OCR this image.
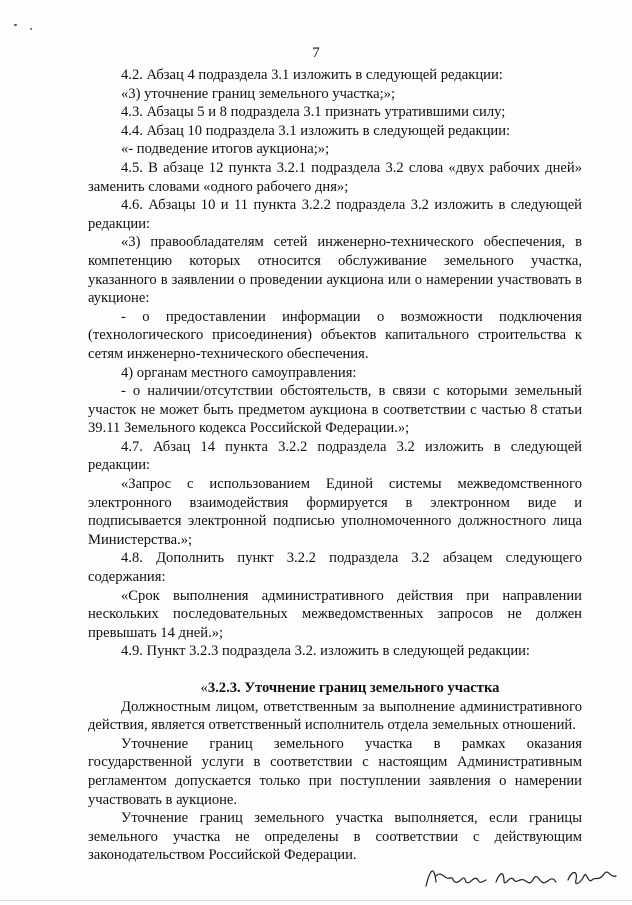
7

4.2. Абзац 4 подраздела 3.1 изложить в следующей редакции:

«3) уточнение границ земельного участка;»;

4.3. Абзацы 5 и 8 подраздела 3.1 признать утратившими силу;

4.4. Абзац 10 подраздела 3.1 изложить в следующей редакции:

«- подведение итогов аукциона;»;

4.5. В абзаце 12 пункта 3.2.1 подраздела 3.2 слова «двух рабочих дней» заменить словами «одного рабочего дня»;

4.6. Абзацы 10 и 11 пункта 3.2.2 подраздела 3.2 изложить в следующей редакции:

«3) правообладателям сетей инженерно-технического обеспечения, в компетенцию которых относится обслуживание земельного участка, указанного в заявлении о проведении аукциона или о намерении участвовать в аукционе:

- о предоставлении информации о возможности подключения (технологического присоединения) объектов капитального строительства к сетям инженерно-технического обеспечения.

4) органам местного самоуправления:

- о наличии/отсутствии обстоятельств, в связи с которыми земельный участок не может быть предметом аукциона в соответствии с частью 8 статьи 39.11 Земельного кодекса Российской Федерации.»;

4.7. Абзац 14 пункта 3.2.2 подраздела 3.2 изложить в следующей редакции:

«Запрос с использованием Единой системы межведомственного электронного взаимодействия формируется в электронном виде и подписывается электронной подписью уполномоченного должностного лица Министерства.»;

4.8. Дополнить пункт 3.2.2 подраздела 3.2 абзацем следующего содержания:

«Срок выполнения административного действия при направлении нескольких последовательных межведомственных запросов не должен превышать 14 дней.»;

4.9. Пункт 3.2.3 подраздела 3.2. изложить в следующей редакции:

«3.2.3. Уточнение границ земельного участка

Должностным лицом, ответственным за выполнение административного действия, является ответственный исполнитель отдела земельных отношений.

Уточнение границ земельного участка в рамках оказания государственной услуги в соответствии с настоящим Административным регламентом допускается только при поступлении заявления о намерении участвовать в аукционе.

Уточнение границ земельного участка выполняется, если границы земельного участка не определены в соответствии с действующим законодательством Российской Федерации.
